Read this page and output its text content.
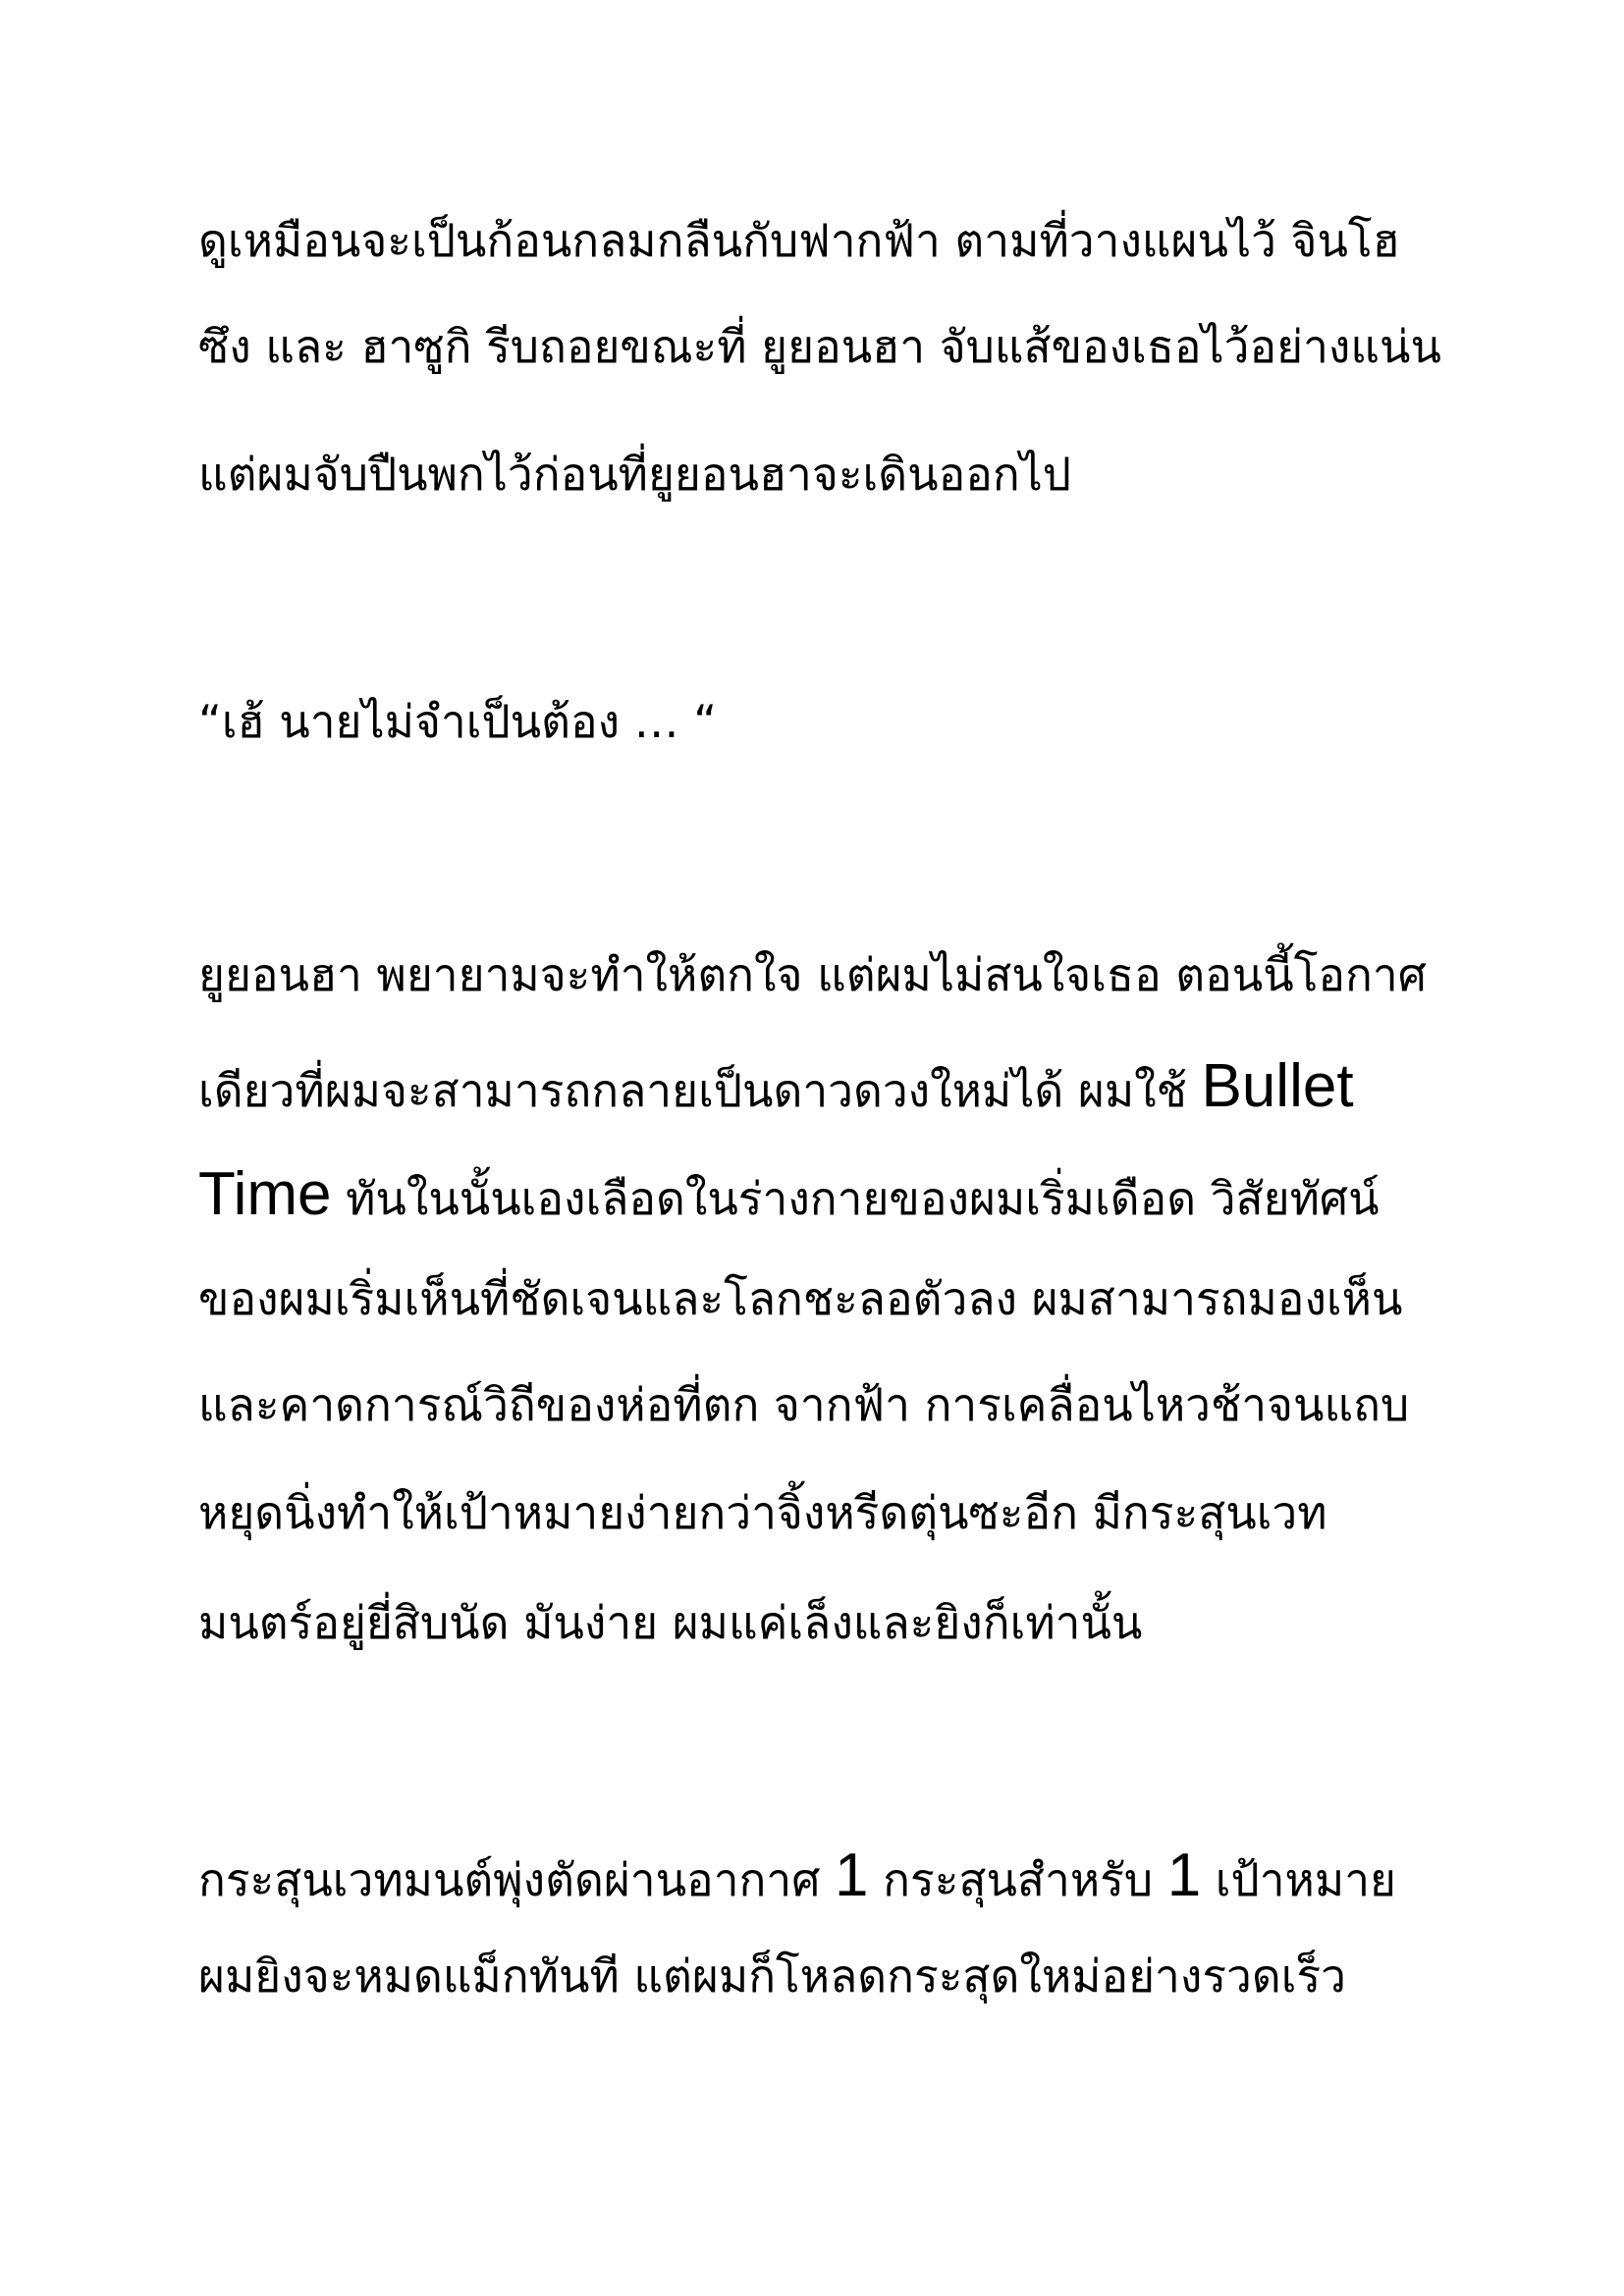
ดูเหมือนจะเป็นก้อนกลมกลืนกับฟากฟ้า ตามที่วางแผนไว้ จินโฮ

ซึง และ ฮาซูกิ รีบถอยขณะที่ ยูยอนฮา จับแส้ของเธอไว้อย่างแน่น

แต่ผมจับปืนพกไว้ก่อนที่ยูยอนฮาจะเดินออกไป

“เฮ้ นายไม่จำเป็นต้อง … “

ยูยอนฮา พยายามจะทำให้ตกใจ แต่ผมไม่สนใจเธอ ตอนนี้โอกาศ

เดียวที่ผมจะสามารถกลายเป็นดาวดวงใหม่ได้ ผมใช้ Bullet

Time ทันในนั้นเองเลือดในร่างกายของผมเริ่มเดือด วิสัยทัศน์

ของผมเริ่มเห็นที่ชัดเจนและโลกชะลอตัวลง ผมสามารถมองเห็น

และคาดการณ์วิถีของห่อที่ตก จากฟ้า การเคลื่อนไหวช้าจนแถบ

หยุดนิ่งทำให้เป้าหมายง่ายกว่าจิ้งหรีดตุ่นซะอีก มีกระสุนเวท

มนตร์อยู่ยี่สิบนัด มันง่าย ผมแค่เล็งและยิงก็เท่านั้น

กระสุนเวทมนต์พุ่งตัดผ่านอากาศ 1 กระสุนสำหรับ 1 เป้าหมาย

ผมยิงจะหมดแม็กทันที แต่ผมก็โหลดกระสุดใหม่อย่างรวดเร็ว
